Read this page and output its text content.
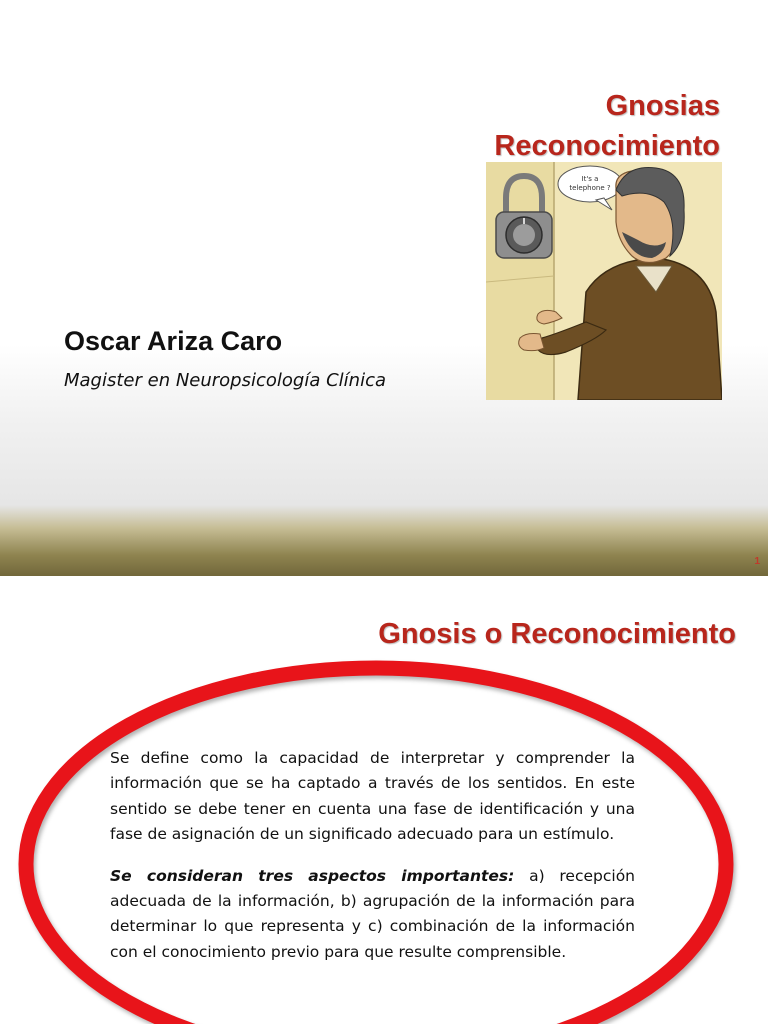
Gnosias
Reconocimiento
It's a
telephone ?

Oscar Ariza Caro

Magister en Neuropsicología Clínica

1
Gnosis o Reconocimiento

Se define como la capacidad de interpretar y comprender la información que se ha captado a través de los sentidos. En este sentido se debe tener en cuenta una fase de identificación y una fase de asignación de un significado adecuado para un estímulo.

Se consideran tres aspectos importantes: a) recepción adecuada de la información, b) agrupación de la información para determinar lo que representa y c) combinación de la información con el conocimiento previo para que resulte comprensible.
